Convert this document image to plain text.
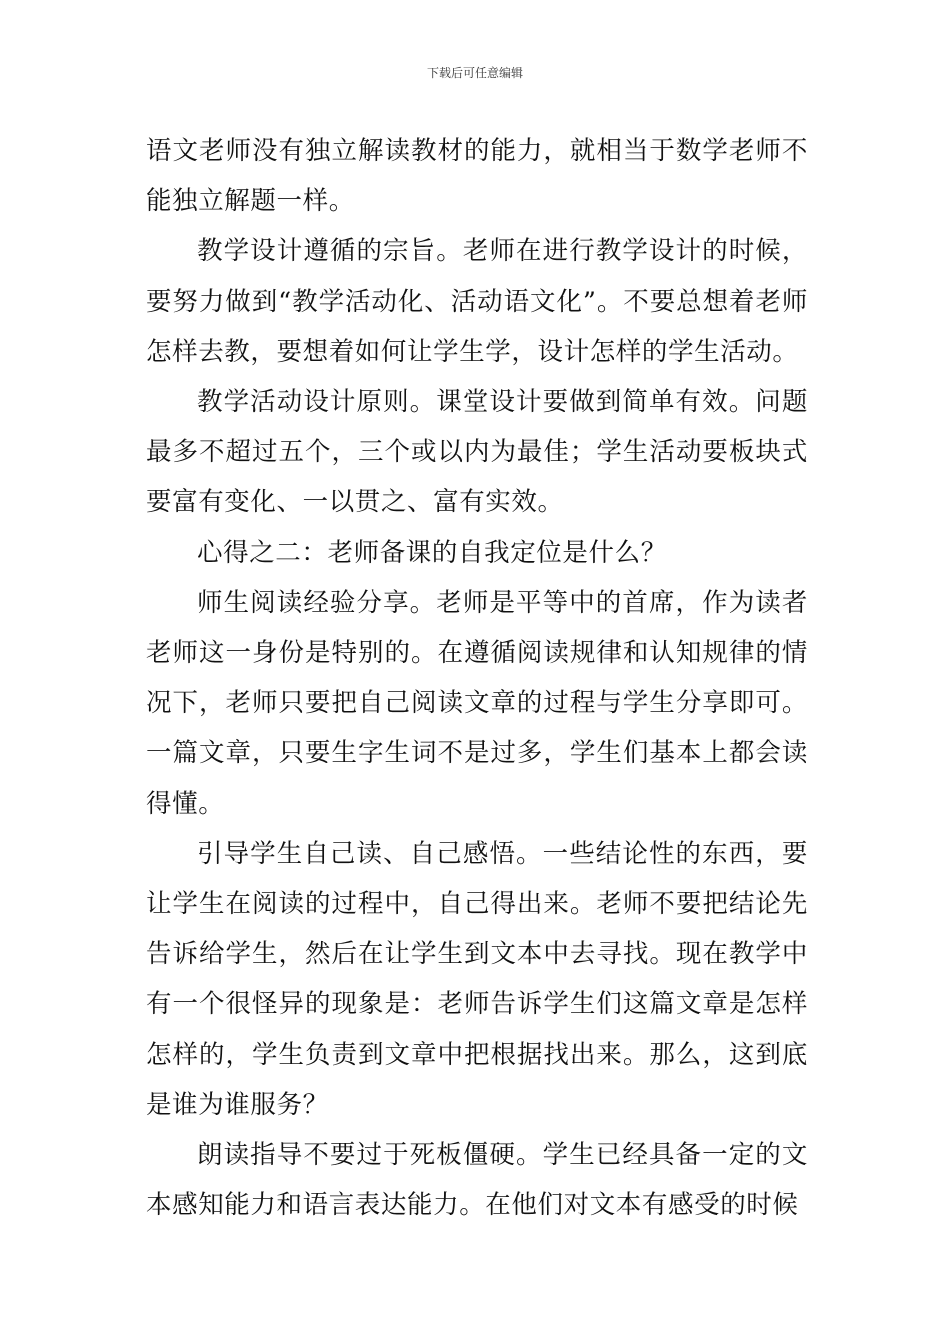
下载后可任意编辑

语文老师没有独立解读教材的能力，就相当于数学老师不能独立解题一样。

教学设计遵循的宗旨。老师在进行教学设计的时候，要努力做到“教学活动化、活动语文化”。不要总想着老师怎样去教，要想着如何让学生学，设计怎样的学生活动。

教学活动设计原则。课堂设计要做到简单有效。问题最多不超过五个，三个或以内为最佳；学生活动要板块式要富有变化、一以贯之、富有实效。

心得之二：老师备课的自我定位是什么？

师生阅读经验分享。老师是平等中的首席，作为读者老师这一身份是特别的。在遵循阅读规律和认知规律的情况下，老师只要把自己阅读文章的过程与学生分享即可。一篇文章，只要生字生词不是过多，学生们基本上都会读得懂。

引导学生自己读、自己感悟。一些结论性的东西，要让学生在阅读的过程中，自己得出来。老师不要把结论先告诉给学生，然后在让学生到文本中去寻找。现在教学中有一个很怪异的现象是：老师告诉学生们这篇文章是怎样怎样的，学生负责到文章中把根据找出来。那么，这到底是谁为谁服务？

朗读指导不要过于死板僵硬。学生已经具备一定的文本感知能力和语言表达能力。在他们对文本有感受的时候
